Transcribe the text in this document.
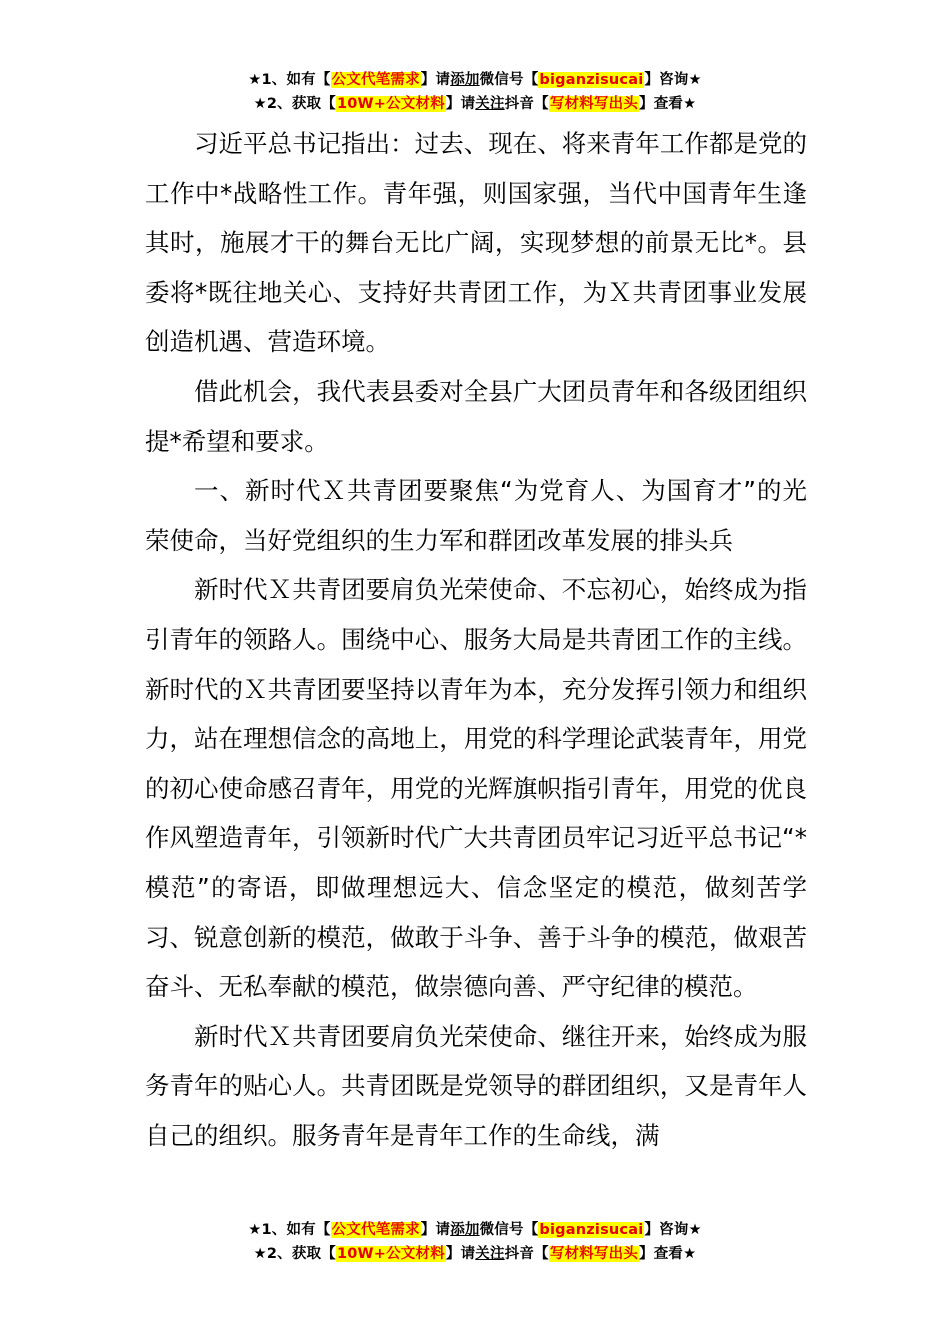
★1、如有【公文代笔需求】请添加微信号【biganzisucai】咨询★
★2、获取【10W+公文材料】请关注抖音【写材料写出头】查看★

习近平总书记指出：过去、现在、将来青年工作都是党的工作中*战略性工作。青年强，则国家强，当代中国青年生逢其时，施展才干的舞台无比广阔，实现梦想的前景无比*。县委将*既往地关心、支持好共青团工作，为Ｘ共青团事业发展创造机遇、营造环境。

借此机会，我代表县委对全县广大团员青年和各级团组织提*希望和要求。

一、新时代Ｘ共青团要聚焦“为党育人、为国育才”的光荣使命，当好党组织的生力军和群团改革发展的排头兵

新时代Ｘ共青团要肩负光荣使命、不忘初心，始终成为指引青年的领路人。围绕中心、服务大局是共青团工作的主线。新时代的Ｘ共青团要坚持以青年为本，充分发挥引领力和组织力，站在理想信念的高地上，用党的科学理论武装青年，用党的初心使命感召青年，用党的光辉旗帜指引青年，用党的优良作风塑造青年，引领新时代广大共青团员牢记习近平总书记“*模范”的寄语，即做理想远大、信念坚定的模范，做刻苦学习、锐意创新的模范，做敢于斗争、善于斗争的模范，做艰苦奋斗、无私奉献的模范，做崇德向善、严守纪律的模范。

新时代Ｘ共青团要肩负光荣使命、继往开来，始终成为服务青年的贴心人。共青团既是党领导的群团组织，又是青年人自己的组织。服务青年是青年工作的生命线，满

★1、如有【公文代笔需求】请添加微信号【biganzisucai】咨询★
★2、获取【10W+公文材料】请关注抖音【写材料写出头】查看★
